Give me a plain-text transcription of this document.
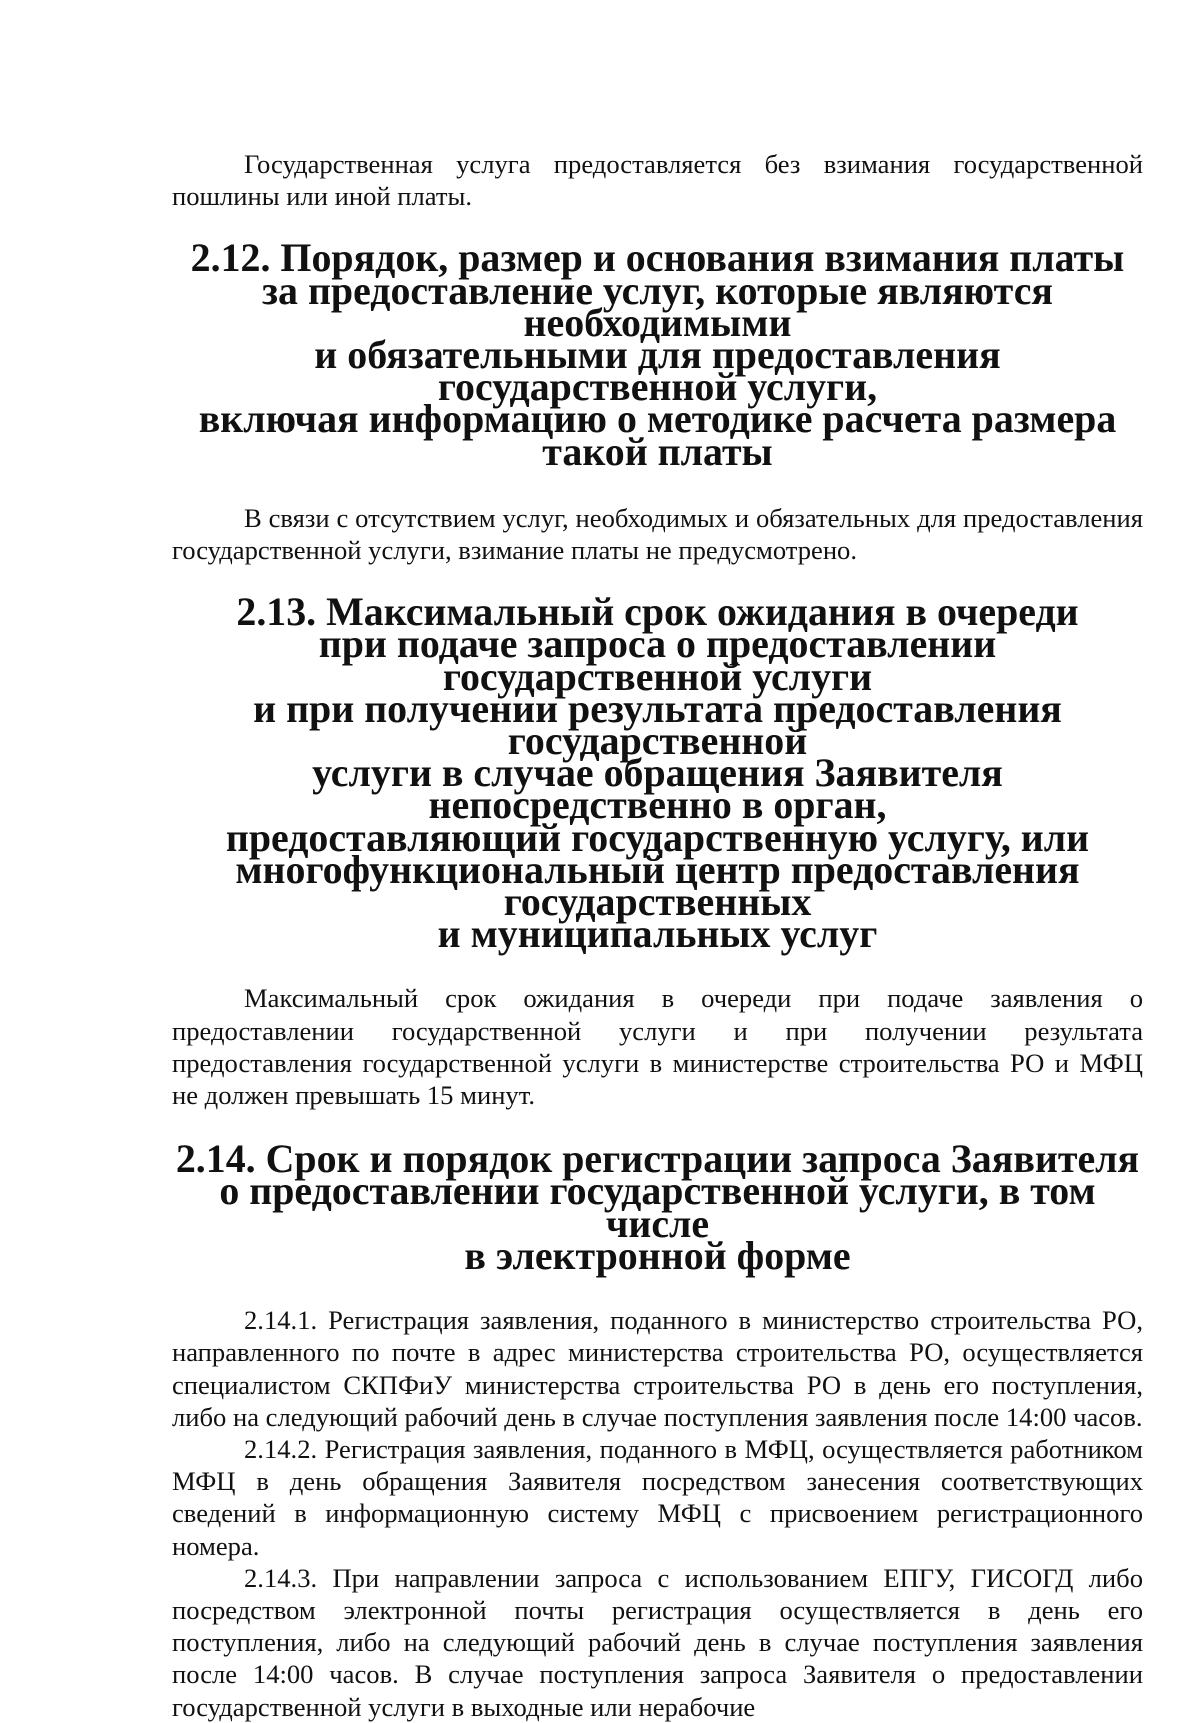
Государственная услуга предоставляется без взимания государственной пошлины или иной платы.

2.12. Порядок, размер и основания взимания платы
за предоставление услуг, которые являются необходимыми
и обязательными для предоставления государственной услуги,
включая информацию о методике расчета размера такой платы

В связи с отсутствием услуг, необходимых и обязательных для предоставления государственной услуги, взимание платы не предусмотрено.

2.13. Максимальный срок ожидания в очереди
при подаче запроса о предоставлении государственной услуги
и при получении результата предоставления государственной
услуги в случае обращения Заявителя непосредственно в орган,
предоставляющий государственную услугу, или
многофункциональный центр предоставления государственных
и муниципальных услуг

Максимальный срок ожидания в очереди при подаче заявления о предоставлении государственной услуги и при получении результата предоставления государственной услуги в министерстве строительства РО и МФЦ не должен превышать 15 минут.

2.14. Срок и порядок регистрации запроса Заявителя
о предоставлении государственной услуги, в том числе
в электронной форме

2.14.1. Регистрация заявления, поданного в министерство строительства РО, направленного по почте в адрес министерства строительства РО, осуществляется специалистом СКПФиУ министерства строительства РО в день его поступления, либо на следующий рабочий день в случае поступления заявления после 14:00 часов.

2.14.2. Регистрация заявления, поданного в МФЦ, осуществляется работником МФЦ в день обращения Заявителя посредством занесения соответствующих сведений в информационную систему МФЦ с присвоением регистрационного номера.

2.14.3. При направлении запроса с использованием ЕПГУ, ГИСОГД либо посредством электронной почты регистрация осуществляется в день его поступления, либо на следующий рабочий день в случае поступления заявления после 14:00 часов. В случае поступления запроса Заявителя о предоставлении государственной услуги в выходные или нерабочие
